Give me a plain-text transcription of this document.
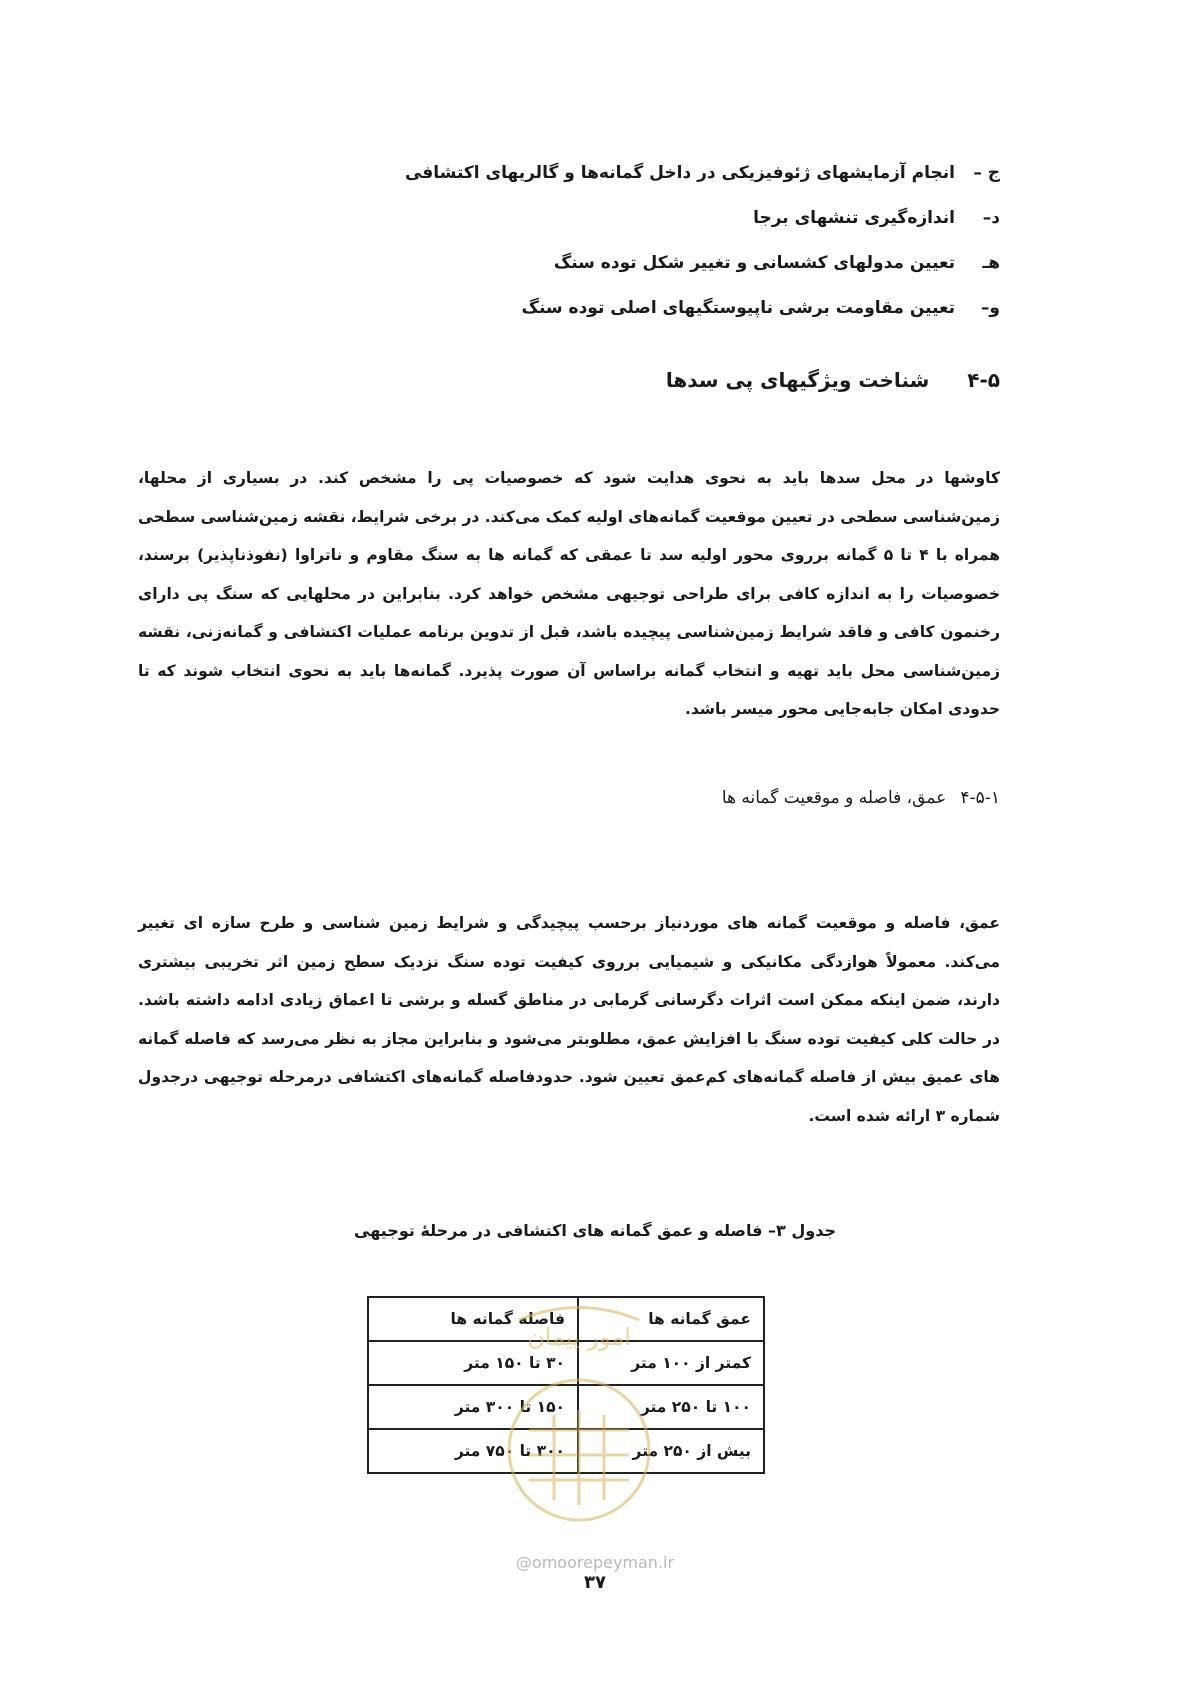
ج –
انجام آزمایشهای ژئوفیزیکی در داخل گمانه‌ها و گالریهای اکتشافی
د–
اندازه‌گیری تنشهای برجا
هـ
تعیین مدولهای کشسانی و تغییر شکل توده سنگ
و–
تعیین مقاومت برشی ناپیوستگیهای اصلی توده سنگ
۴-۵
شناخت ویژگیهای پی سدها

کاوشها در محل سدها باید به نحوی هدایت شود که خصوصیات پی را مشخص کند. در بسیاری از محلها، زمین‌شناسی سطحی در تعیین موقعیت گمانه‌های اولیه کمک می‌کند. در برخی شرایط، نقشه زمین‌شناسی سطحی همراه با ۴ تا ۵ گمانه برروی محور اولیه سد تا عمقی که گمانه ها به سنگ مقاوم و ناتراوا (نفوذناپذیر) برسند، خصوصیات را به اندازه کافی برای طراحی توجیهی مشخص خواهد کرد. بنابراین در محلهایی که سنگ پی دارای رخنمون کافی و فاقد شرایط زمین‌شناسی پیچیده باشد، قبل از تدوین برنامه عملیات اکتشافی و گمانه‌زنی، نقشه زمین‌شناسی محل باید تهیه و انتخاب گمانه براساس آن صورت پذیرد. گمانه‌ها باید به نحوی انتخاب شوند که تا حدودی امکان جابه‌جایی محور میسر باشد.

۴-۵-۱
عمق، فاصله و موقعیت گمانه ها

عمق، فاصله و موقعیت گمانه های موردنیاز برحسب پیچیدگی و شرایط زمین شناسی و طرح سازه ای تغییر می‌کند. معمولاً هوازدگی مکانیکی و شیمیایی برروی کیفیت توده سنگ نزدیک سطح زمین اثر تخریبی بیشتری دارند، ضمن اینکه ممکن است اثرات دگرسانی گرمابی در مناطق گسله و برشی تا اعماق زیادی ادامه داشته باشد. در حالت کلی کیفیت توده سنگ با افزایش عمق، مطلوبتر می‌شود و بنابراین مجاز به نظر می‌رسد که فاصله گمانه های عمیق بیش از فاصله گمانه‌های کم‌عمق تعیین شود. حدودفاصله گمانه‌های اکتشافی درمرحله توجیهی درجدول شماره ۳ ارائه شده است.

جدول ۳– فاصله و عمق گمانه های اکتشافی در مرحلهٔ توجیهی
عمق گمانه ها	فاصله گمانه ها
کمتر از ۱۰۰ متر	۳۰ تا ۱۵۰ متر
۱۰۰ تا ۲۵۰ متر	۱۵۰ تا ۳۰۰ متر
بیش از ۲۵۰ متر	۳۰۰ تا ۷۵۰ متر
امور پیمان
@omoorepeyman.ir
۳۷
